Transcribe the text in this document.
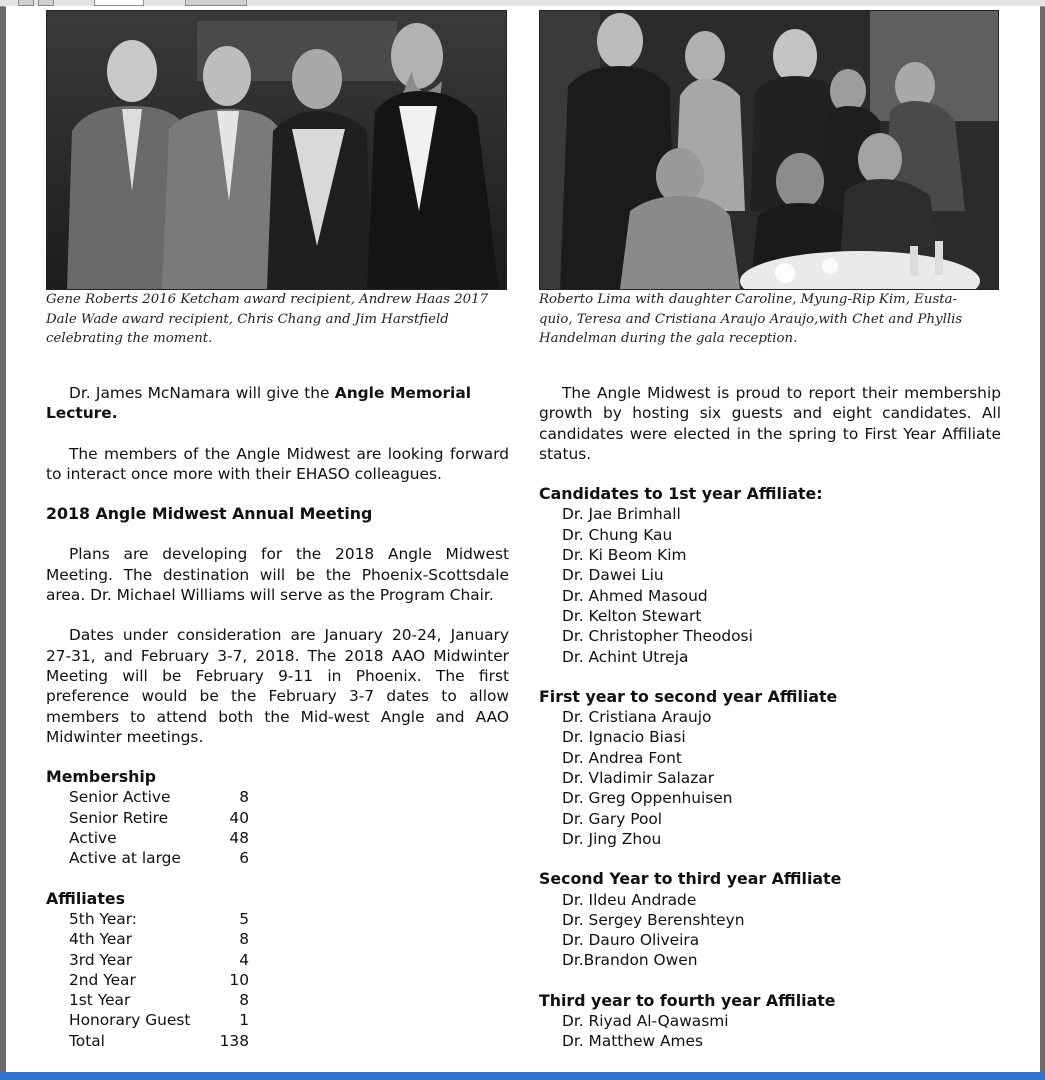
Gene Roberts 2016 Ketcham award recipient, Andrew Haas 2017
Dale Wade award recipient, Chris Chang and Jim Harstfield
celebrating the moment.
Roberto Lima with daughter Caroline, Myung-Rip Kim, Eusta-
quio, Teresa and Cristiana Araujo Araujo,with Chet and Phyllis
Handelman during the gala reception.

Dr. James McNamara will give the Angle Memorial Lecture.

The members of the Angle Midwest are looking forward to interact once more with their EHASO colleagues.

2018 Angle Midwest Annual Meeting

Plans are developing for the 2018 Angle Midwest Meeting. The destination will be the Phoenix-Scottsdale area. Dr. Michael Williams will serve as the Program Chair.

Dates under consideration are January 20-24, January 27-31, and February 3-7, 2018. The 2018 AAO Midwinter Meeting will be February 9-11 in Phoenix. The first preference would be the February 3-7 dates to allow members to attend both the Mid-west Angle and AAO Midwinter meetings.

Membership

Senior Active	8
Senior Retire	40
Active	48
Active at large	6

Affiliates

5th Year:	5
4th Year	8
3rd Year	4
2nd Year	10
1st Year	8
Honorary Guest	1
Total	138

The Angle Midwest is proud to report their membership growth by hosting six guests and eight candidates. All candidates were elected in the spring to First Year Affiliate status.

Candidates to 1st year Affiliate:

Dr. Jae Brimhall
Dr. Chung Kau
Dr. Ki Beom Kim
Dr. Dawei Liu
Dr. Ahmed Masoud
Dr. Kelton Stewart
Dr. Christopher Theodosi
Dr. Achint Utreja

First year to second year Affiliate

Dr. Cristiana Araujo
Dr. Ignacio Biasi
Dr. Andrea Font
Dr. Vladimir Salazar
Dr. Greg Oppenhuisen
Dr. Gary Pool
Dr. Jing Zhou

Second Year to third year Affiliate

Dr. Ildeu Andrade
Dr. Sergey Berenshteyn
Dr. Dauro Oliveira
Dr.Brandon Owen

Third year to fourth year Affiliate

Dr. Riyad Al-Qawasmi
Dr. Matthew Ames
